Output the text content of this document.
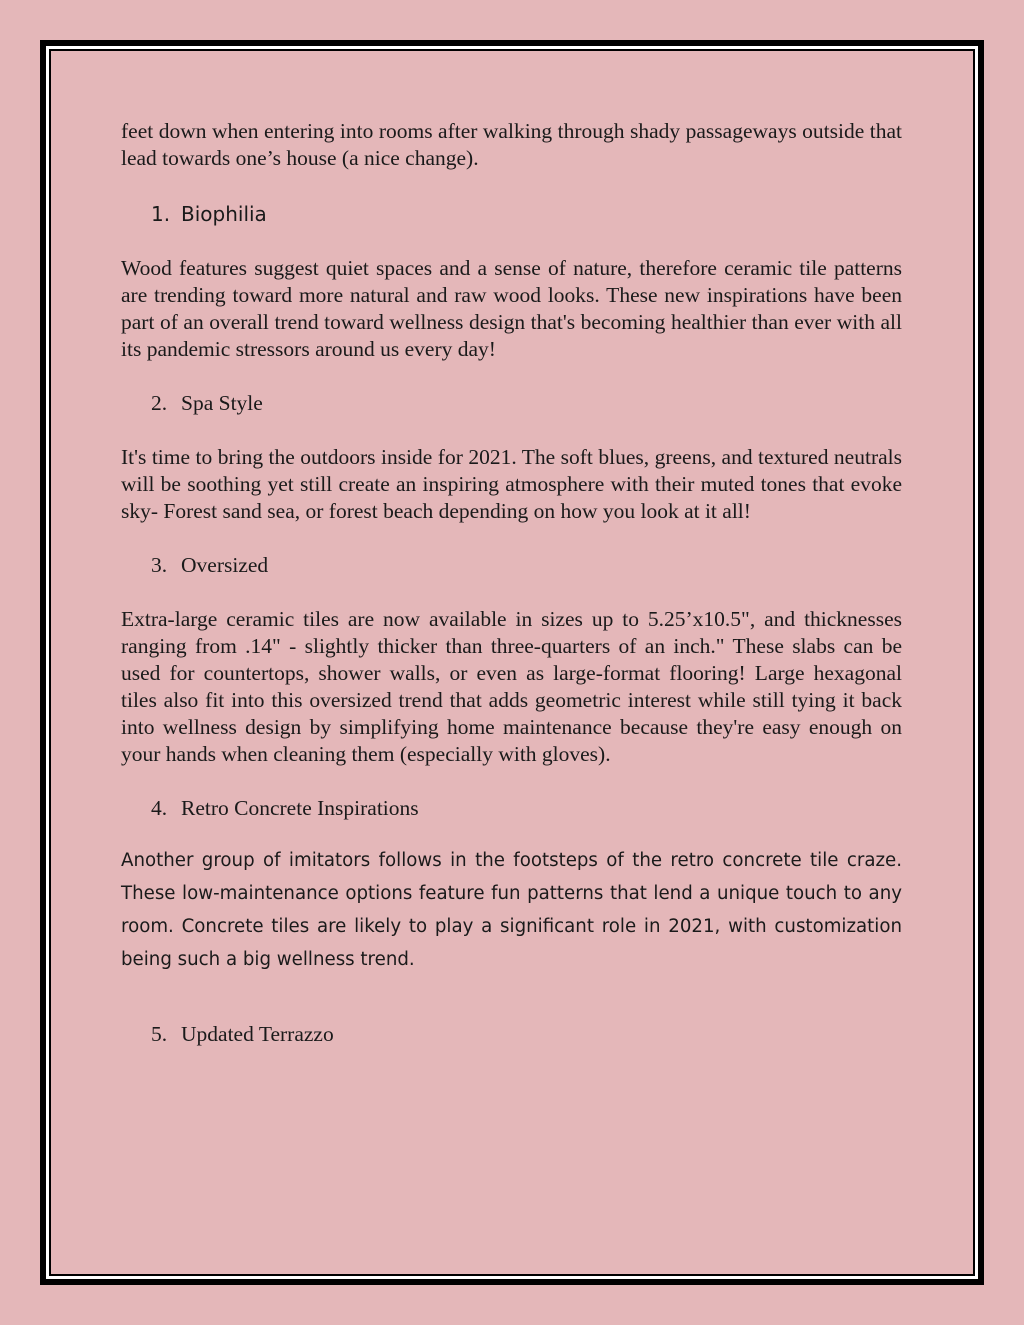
feet down when entering into rooms after walking through shady passageways outside that lead towards one’s house (a nice change).

1. Biophilia

Wood features suggest quiet spaces and a sense of nature, therefore ceramic tile patterns are trending toward more natural and raw wood looks. These new inspirations have been part of an overall trend toward wellness design that's becoming healthier than ever with all its pandemic stressors around us every day!

2. Spa Style

It's time to bring the outdoors inside for 2021. The soft blues, greens, and textured neutrals will be soothing yet still create an inspiring atmosphere with their muted tones that evoke sky- Forest sand sea, or forest beach depending on how you look at it all!

3. Oversized

Extra-large ceramic tiles are now available in sizes up to 5.25’x10.5", and thicknesses ranging from .14" - slightly thicker than three-quarters of an inch." These slabs can be used for countertops, shower walls, or even as large-format flooring! Large hexagonal tiles also fit into this oversized trend that adds geometric interest while still tying it back into wellness design by simplifying home maintenance because they're easy enough on your hands when cleaning them (especially with gloves).

4. Retro Concrete Inspirations

Another group of imitators follows in the footsteps of the retro concrete tile craze. These low-maintenance options feature fun patterns that lend a unique touch to any room. Concrete tiles are likely to play a significant role in 2021, with customization being such a big wellness trend.

5. Updated Terrazzo
